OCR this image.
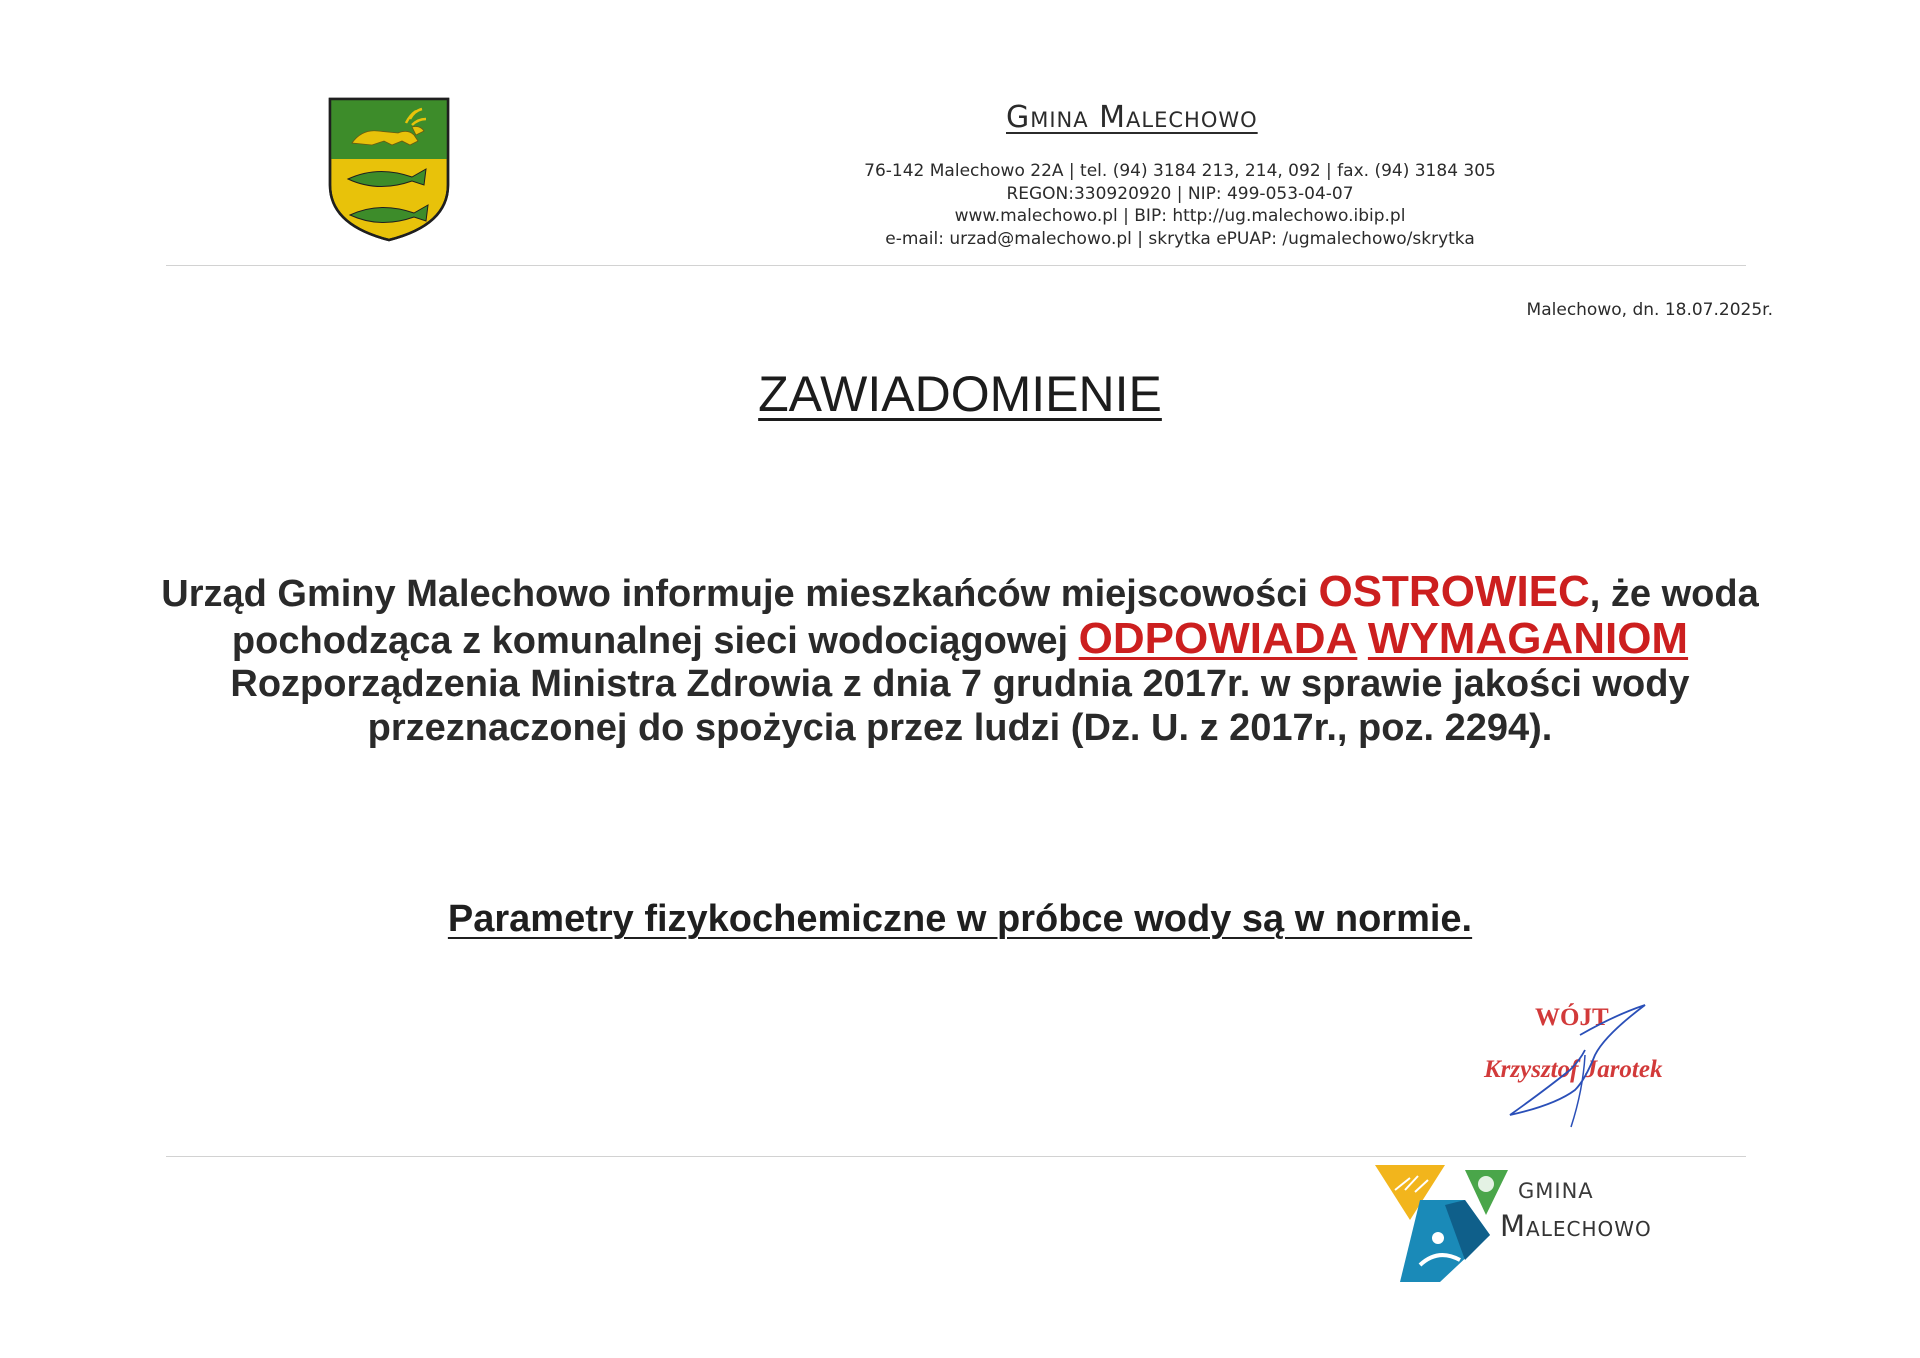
Gmina Malechowo
76-142 Malechowo 22A | tel. (94) 3184 213, 214, 092 | fax. (94) 3184 305
REGON:330920920 | NIP: 499-053-04-07
www.malechowo.pl | BIP: http://ug.malechowo.ibip.pl
e-mail: urzad@malechowo.pl | skrytka ePUAP: /ugmalechowo/skrytka
Malechowo, dn. 18.07.2025r.
ZAWIADOMIENIE
Urząd Gminy Malechowo informuje mieszkańców miejscowości OSTROWIEC, że woda pochodząca z komunalnej sieci wodociągowej ODPOWIADA WYMAGANIOM Rozporządzenia Ministra Zdrowia z dnia 7 grudnia 2017r. w sprawie jakości wody przeznaczonej do spożycia przez ludzi (Dz. U. z 2017r., poz. 2294).
Parametry fizykochemiczne w próbce wody są w normie.
WÓJT
Krzysztof Jarotek
GMINA
Malechowo
